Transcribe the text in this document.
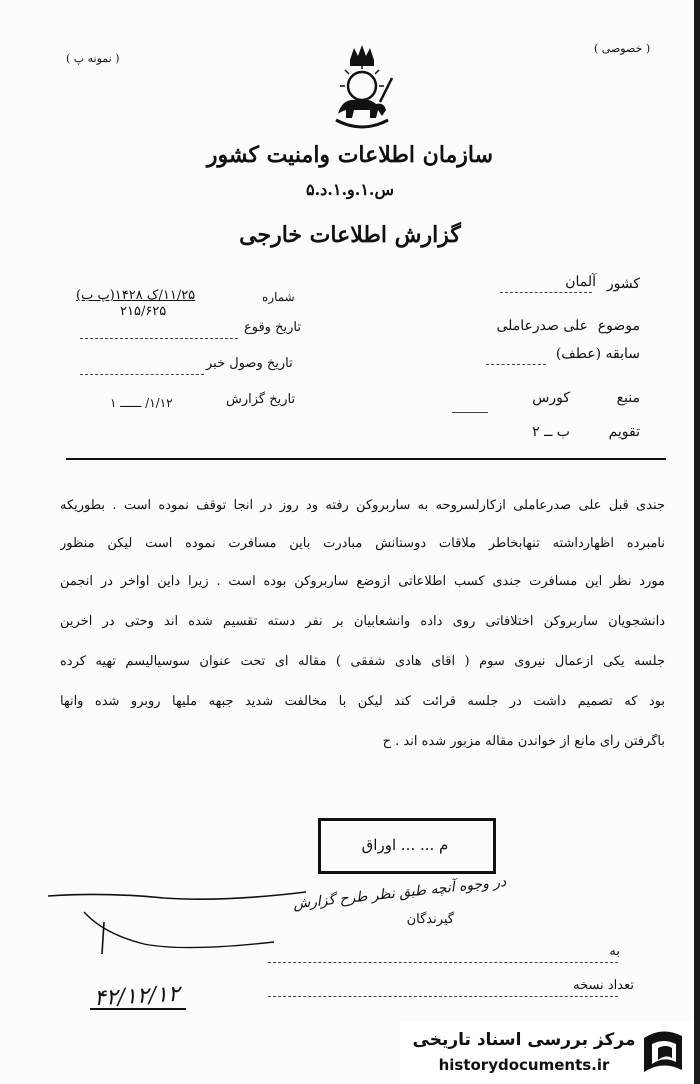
( نمونه پ )
( خصوصی )
سازمان اطلاعات وامنیت کشور
س.۱.و.۱.د.۵
گزارش اطلاعات خارجی
کشور
آلمان
موضوع
علی صدرعاملی
سابقه (عطف)
منبع
کورس
تقویم
ب ــ ۲
شماره
۱۱/۲۵/ک ۱۴۲۸(پ ب)
۲۱۵/۶۲۵
تاریخ وقوع
تاریخ وصول خبر
تاریخ گزارش
۱/۱۲/ ــــــ ۱
جندی قبل علی صدرعاملی ازکارلسروحه به ساربروکن رفته ود روز در آنجا توقف نموده است . بطوریکه
نامبرده اظهارداشته تنهابخاطر ملاقات دوستانش مبادرت باین مسافرت نموده است لیکن منظور
مورد نظر این مسافرت جندی کسب اطلاعاتی ازوضع ساربروکن بوده است . زیرا داین اواخر در انجمن
دانشجویان ساربروکن اختلافاتی روی داده وانشعابیان بر نفر دسته تقسیم شده اند وحتی در آخرین
جلسه یکی ازعمال نیروی سوم ( آقای هادی شفقی ) مقاله ای تحت عنوان سوسیالیسم تهیه کرده
بود که تصمیم داشت در جلسه قرائت کند لیکن با مخالفت شدید جبهه ملیها روبرو شده وآنها
باگرفتن رأی مانع از خواندن مقاله مزبور شده اند . ح
م ... ... اوراق
در وجوه آنچه طبق نظر طرح گزارش
گیرندگان
به
تعداد نسخه
۴۲/۱۲/۱۲
مرکز بررسی اسناد تاریخی
historydocuments.ir
